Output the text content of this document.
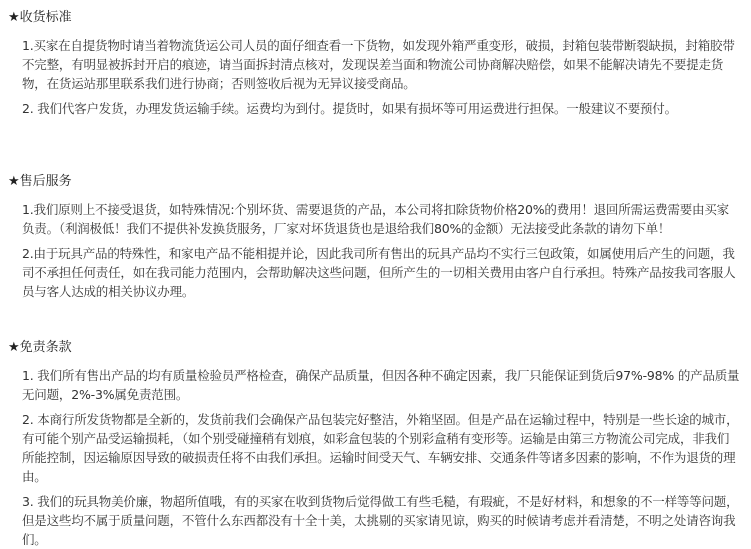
★收货标准

1.买家在自提货物时请当着物流货运公司人员的面仔细查看一下货物，如发现外箱严重变形，破损，封箱包装带断裂缺损，封箱胶带不完整，有明显被拆封开启的痕迹，请当面拆封清点核对，发现误差当面和物流公司协商解决赔偿，如果不能解决请先不要提走货物，在货运站那里联系我们进行协商；否则签收后视为无异议接受商品。

2. 我们代客户发货，办理发货运输手续。运费均为到付。提货时，如果有损坏等可用运费进行担保。一般建议不要预付。

★售后服务

1.我们原则上不接受退货，如特殊情况:个别坏货、需要退货的产品，本公司将扣除货物价格20%的费用！退回所需运费需要由买家负责。（利润极低！我们不提供补发换货服务，厂家对坏货退货也是退给我们80%的金额）无法接受此条款的请勿下单！

2.由于玩具产品的特殊性，和家电产品不能相提并论，因此我司所有售出的玩具产品均不实行三包政策，如属使用后产生的问题，我司不承担任何责任，如在我司能力范围内，会帮助解决这些问题，但所产生的一切相关费用由客户自行承担。特殊产品按我司客服人员与客人达成的相关协议办理。

★免责条款

1. 我们所有售出产品的均有质量检验员严格检查，确保产品质量，但因各种不确定因素，我厂只能保证到货后97%-98% 的产品质量无问题，2%-3%属免责范围。

2. 本商行所发货物都是全新的，发货前我们会确保产品包装完好整洁，外箱坚固。但是产品在运输过程中，特别是一些长途的城市，有可能个别产品受运输损耗，（如个别受碰撞稍有划痕，如彩盒包装的个别彩盒稍有变形等。运输是由第三方物流公司完成，非我们所能控制，因运输原因导致的破损责任将不由我们承担。运输时间受天气、车辆安排、交通条件等诸多因素的影响，不作为退货的理由。

3. 我们的玩具物美价廉，物超所值哦，有的买家在收到货物后觉得做工有些毛糙，有瑕疵，不是好材料，和想象的不一样等等问题，但是这些均不属于质量问题，不管什么东西都没有十全十美，太挑剔的买家请见谅，购买的时候请考虑并看清楚，不明之处请咨询我们。
